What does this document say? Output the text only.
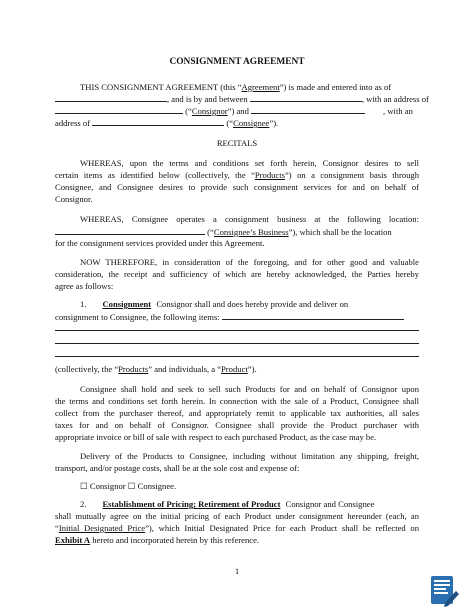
CONSIGNMENT AGREEMENT
THIS CONSIGNMENT AGREEMENT (this “Agreement”) is made and entered into as of
, and is by and between	, with an address of
(“Consignor”) and	, with an
address of	(“Consignee”).
RECITALS
WHEREAS, upon the terms and conditions set forth herein, Consignor desires to sell
certain items as identified below (collectively, the “Products”) on a consignment basis through
Consignee, and Consignee desires to provide such consignment services for and on behalf of
Consignor.
WHEREAS, Consignee operates a consignment business at the following location:
(“Consignee’s Business”), which shall be the location
for the consignment services provided under this Agreement.
NOW THEREFORE, in consideration of the foregoing, and for other good and valuable
consideration, the receipt and sufficiency of which are hereby acknowledged, the Parties hereby
agree as follows:
1. Consignment Consignor shall and does hereby provide and deliver on
consignment to Consignee, the following items:
(collectively, the “Products” and individuals, a “Product”).
Consignee shall hold and seek to sell such Products for and on behalf of Consignor upon
the terms and conditions set forth herein. In connection with the sale of a Product, Consignee shall
collect from the purchaser thereof, and appropriately remit to applicable tax authorities, all sales
taxes for and on behalf of Consignor. Consignee shall provide the Product purchaser with
appropriate invoice or bill of sale with respect to each purchased Product, as the case may be.
Delivery of the Products to Consignee, including without limitation any shipping, freight,
transport, and/or postage costs, shall be at the sole cost and expense of:
☐ Consignor ☐ Consignee.
2. Establishment of Pricing; Retirement of Product Consignor and Consignee
shall mutually agree on the initial pricing of each Product under consignment hereunder (each, an
“Initial Designated Price”), which Initial Designated Price for each Product shall be reflected on
Exhibit A hereto and incorporated herein by this reference.
1
